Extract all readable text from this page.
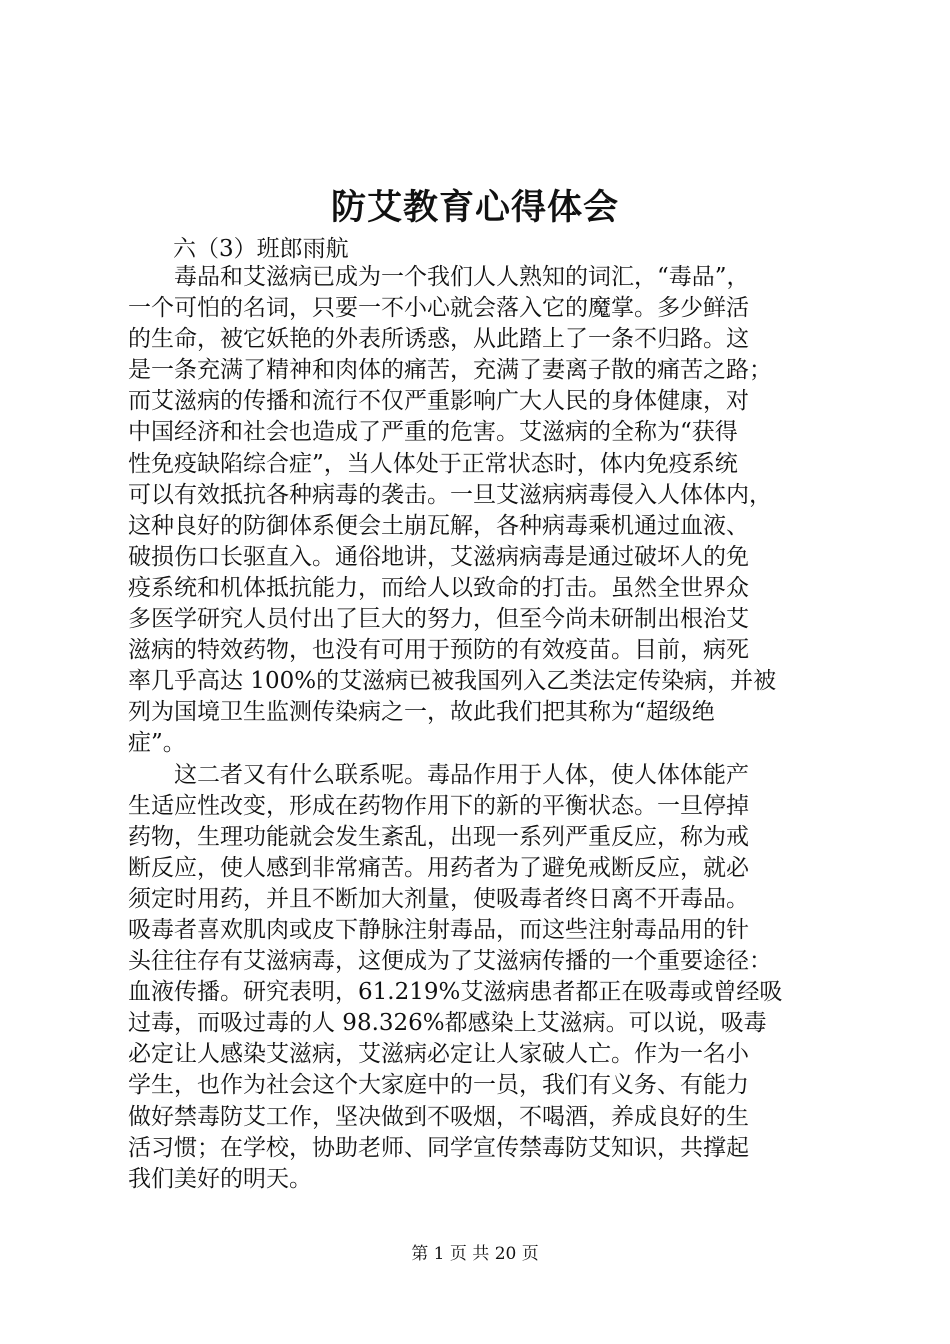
防艾教育心得体会
六（3）班郎雨航
毒品和艾滋病已成为一个我们人人熟知的词汇，“毒品”，
一个可怕的名词，只要一不小心就会落入它的魔掌。多少鲜活
的生命，被它妖艳的外表所诱惑，从此踏上了一条不归路。这
是一条充满了精神和肉体的痛苦，充满了妻离子散的痛苦之路；
而艾滋病的传播和流行不仅严重影响广大人民的身体健康，对
中国经济和社会也造成了严重的危害。艾滋病的全称为“获得
性免疫缺陷综合症”，当人体处于正常状态时，体内免疫系统
可以有效抵抗各种病毒的袭击。一旦艾滋病病毒侵入人体体内，
这种良好的防御体系便会土崩瓦解，各种病毒乘机通过血液、
破损伤口长驱直入。通俗地讲，艾滋病病毒是通过破坏人的免
疫系统和机体抵抗能力，而给人以致命的打击。虽然全世界众
多医学研究人员付出了巨大的努力，但至今尚未研制出根治艾
滋病的特效药物，也没有可用于预防的有效疫苗。目前，病死
率几乎高达 100%的艾滋病已被我国列入乙类法定传染病，并被
列为国境卫生监测传染病之一，故此我们把其称为“超级绝
症”。
这二者又有什么联系呢。毒品作用于人体，使人体体能产
生适应性改变，形成在药物作用下的新的平衡状态。一旦停掉
药物，生理功能就会发生紊乱，出现一系列严重反应，称为戒
断反应，使人感到非常痛苦。用药者为了避免戒断反应，就必
须定时用药，并且不断加大剂量，使吸毒者终日离不开毒品。
吸毒者喜欢肌肉或皮下静脉注射毒品，而这些注射毒品用的针
头往往存有艾滋病毒，这便成为了艾滋病传播的一个重要途径：
血液传播。研究表明，61.219%艾滋病患者都正在吸毒或曾经吸
过毒，而吸过毒的人 98.326%都感染上艾滋病。可以说，吸毒
必定让人感染艾滋病，艾滋病必定让人家破人亡。作为一名小
学生，也作为社会这个大家庭中的一员，我们有义务、有能力
做好禁毒防艾工作，坚决做到不吸烟，不喝酒，养成良好的生
活习惯；在学校，协助老师、同学宣传禁毒防艾知识，共撑起
我们美好的明天。
第 1 页 共 20 页
